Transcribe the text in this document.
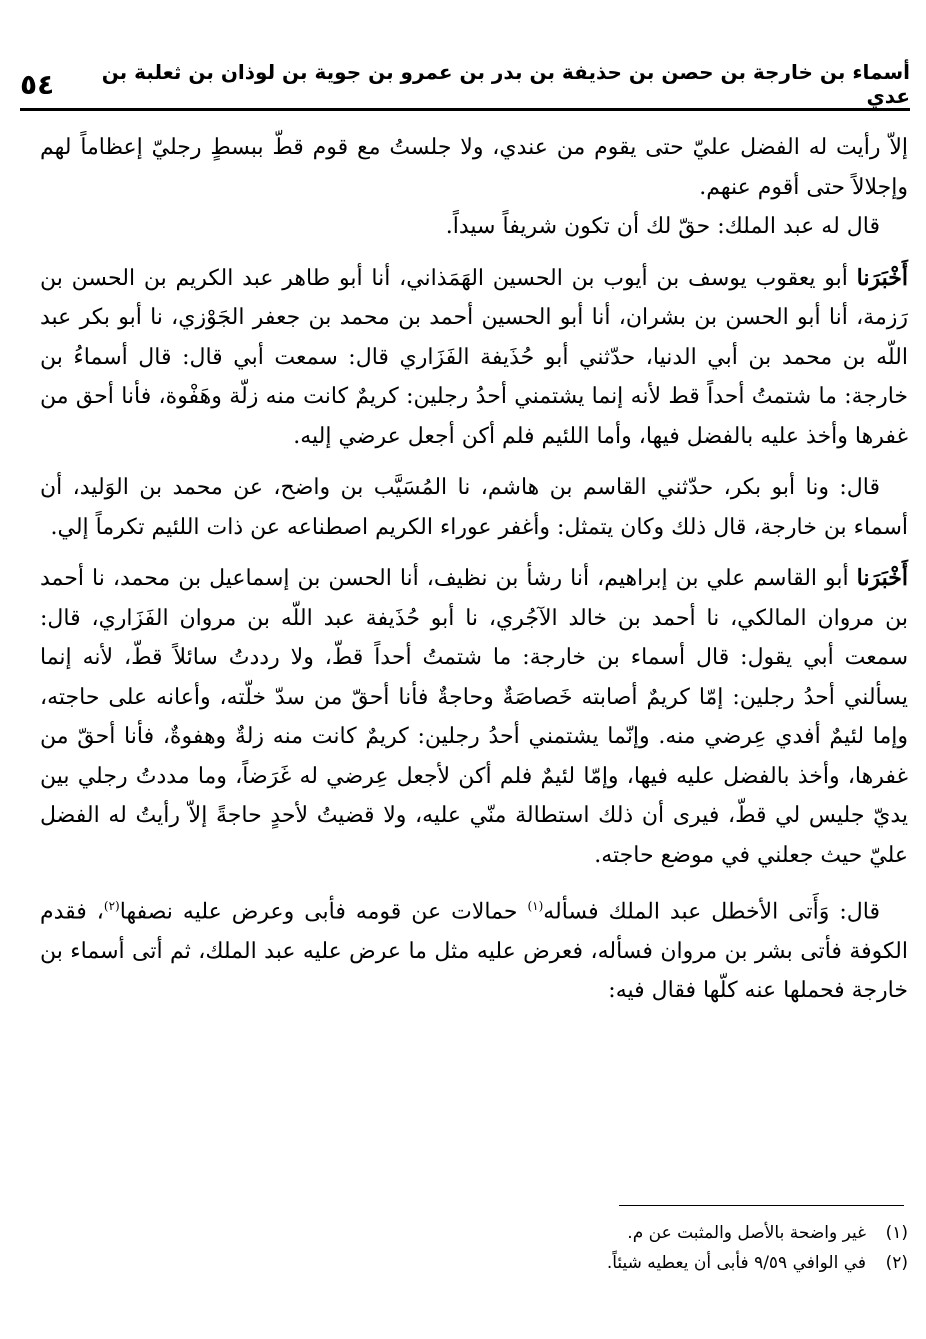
٥٤	أسماء بن خارجة بن حصن بن حذيفة بن بدر بن عمرو بن جوية بن لوذان بن ثعلبة بن عدي

إلاّ رأيت له الفضل عليّ حتى يقوم من عندي، ولا جلستُ مع قوم قطّ ببسطٍ رجليّ إعظاماً لهم وإجلالاً حتى أقوم عنهم.

قال له عبد الملك: حقّ لك أن تكون شريفاً سيداً.

أَخْبَرَنا أبو يعقوب يوسف بن أيوب بن الحسين الهَمَذاني، أنا أبو طاهر عبد الكريم بن الحسن بن رَزمة، أنا أبو الحسن بن بشران، أنا أبو الحسين أحمد بن محمد بن جعفر الجَوْزي، نا أبو بكر عبد اللّه بن محمد بن أبي الدنيا، حدّثني أبو حُذَيفة الفَزَاري قال: سمعت أبي قال: قال أسماءُ بن خارجة: ما شتمتُ أحداً قط لأنه إنما يشتمني أحدُ رجلين: كريمٌ كانت منه زلّة وهَفْوة، فأنا أحق من غفرها وأخذ عليه بالفضل فيها، وأما اللئيم فلم أكن أجعل عرضي إليه.

قال: ونا أبو بكر، حدّثني القاسم بن هاشم، نا المُسَيَّب بن واضح، عن محمد بن الوَليد، أن أسماء بن خارجة، قال ذلك وكان يتمثل: وأغفر عوراء الكريم اصطناعه عن ذات اللئيم تكرماً إلي.

أَخْبَرَنا أبو القاسم علي بن إبراهيم، أنا رشأ بن نظيف، أنا الحسن بن إسماعيل بن محمد، نا أحمد بن مروان المالكي، نا أحمد بن خالد الآجُري، نا أبو حُذَيفة عبد اللّه بن مروان الفَزَاري، قال: سمعت أبي يقول: قال أسماء بن خارجة: ما شتمتُ أحداً قطّ، ولا رددتُ سائلاً قطّ، لأنه إنما يسألني أحدُ رجلين: إمّا كريمٌ أصابته خَصاصَةٌ وحاجةٌ فأنا أحقّ من سدّ خلّته، وأعانه على حاجته، وإما لئيمٌ أفدي عِرضي منه. وإنّما يشتمني أحدُ رجلين: كريمٌ كانت منه زلةٌ وهفوةٌ، فأنا أحقّ من غفرها، وأخذ بالفضل عليه فيها، وإمّا لئيمٌ فلم أكن لأجعل عِرضي له غَرَضاً، وما مددتُ رجلي بين يديّ جليس لي قطّ، فيرى أن ذلك استطالة منّي عليه، ولا قضيتُ لأحدٍ حاجةً إلاّ رأيتُ له الفضل عليّ حيث جعلني في موضع حاجته.

قال: وَأَتى الأخطل عبد الملك فسأله$^{(١)}$ حمالات عن قومه فأبى وعرض عليه نصفها$^{(٢)}$، فقدم الكوفة فأتى بشر بن مروان فسأله، فعرض عليه مثل ما عرض عليه عبد الملك، ثم أتى أسماء بن خارجة فحملها عنه كلّها فقال فيه:

(١)
غير واضحة بالأصل والمثبت عن م.
(٢)
في الوافي ٩/٥٩ فأبى أن يعطيه شيئاً.
